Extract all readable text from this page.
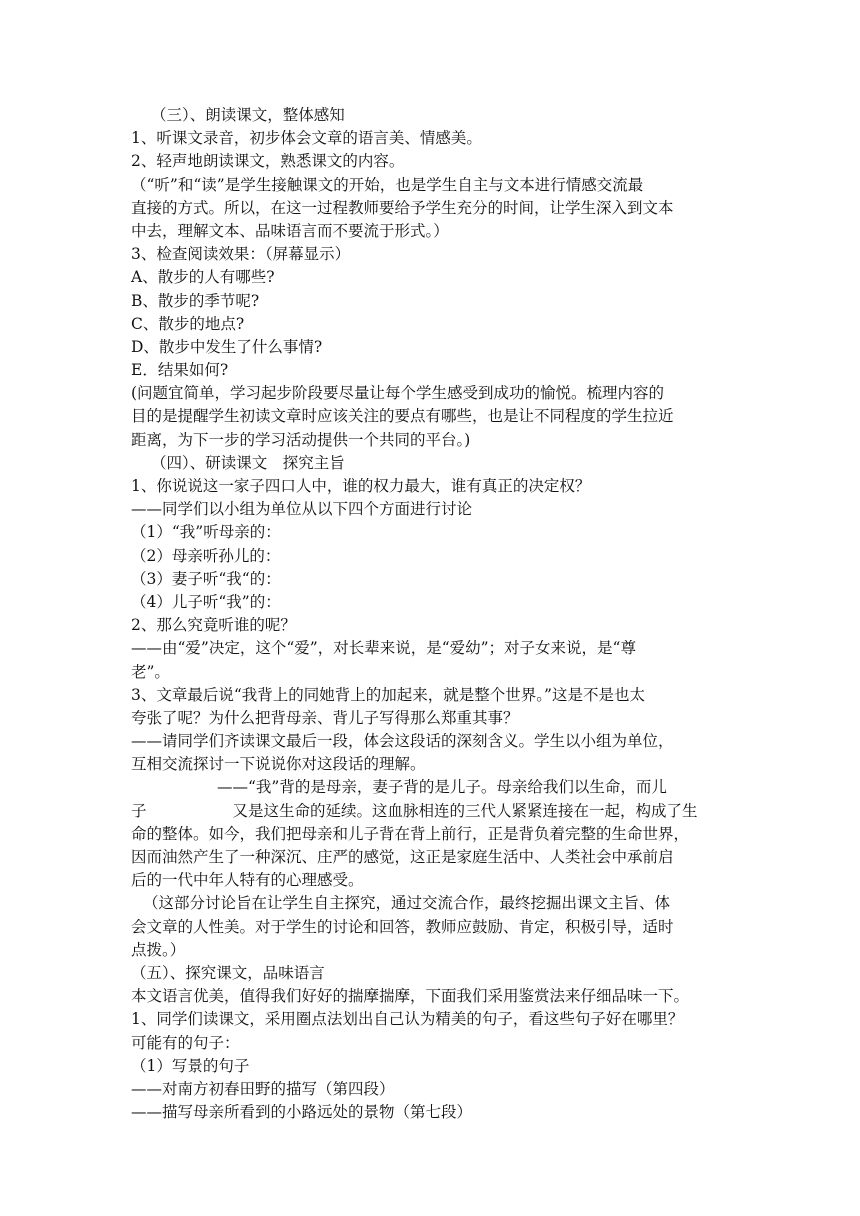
（三）、朗读课文，整体感知
1、听课文录音，初步体会文章的语言美、情感美。
2、轻声地朗读课文，熟悉课文的内容。
（“听”和“读”是学生接触课文的开始，也是学生自主与文本进行情感交流最
直接的方式。所以，在这一过程教师要给予学生充分的时间，让学生深入到文本
中去，理解文本、品味语言而不要流于形式。）
3、检查阅读效果：（屏幕显示）
A、散步的人有哪些?
B、散步的季节呢?
C、散步的地点?
D、散步中发生了什么事情?
E．结果如何?
(问题宜简单，学习起步阶段要尽量让每个学生感受到成功的愉悦。梳理内容的
目的是提醒学生初读文章时应该关注的要点有哪些，也是让不同程度的学生拉近
距离，为下一步的学习活动提供一个共同的平台。)
（四）、研读课文　探究主旨
1、你说说这一家子四口人中，谁的权力最大，谁有真正的决定权？
——同学们以小组为单位从以下四个方面进行讨论
（1）“我”听母亲的：
（2）母亲听孙儿的：
（3）妻子听“我“的：
（4）儿子听“我”的：
2、那么究竟听谁的呢？
——由“爱”决定，这个“爱”，对长辈来说，是“爱幼”；对子女来说，是“尊
老”。
3、文章最后说“我背上的同她背上的加起来，就是整个世界。”这是不是也太
夸张了呢？为什么把背母亲、背儿子写得那么郑重其事？
——请同学们齐读课文最后一段，体会这段话的深刻含义。学生以小组为单位，
互相交流探讨一下说说你对这段话的理解。
——“我”背的是母亲，妻子背的是儿子。母亲给我们以生命，而儿
子	又是这生命的延续。这血脉相连的三代人紧紧连接在一起，构成了生
命的整体。如今，我们把母亲和儿子背在背上前行，正是背负着完整的生命世界，
因而油然产生了一种深沉、庄严的感觉，这正是家庭生活中、人类社会中承前启
后的一代中年人特有的心理感受。
（这部分讨论旨在让学生自主探究，通过交流合作，最终挖掘出课文主旨、体
会文章的人性美。对于学生的讨论和回答，教师应鼓励、肯定，积极引导，适时
点拨。）
（五）、探究课文，品味语言
本文语言优美，值得我们好好的揣摩揣摩，下面我们采用鉴赏法来仔细品味一下。
1、同学们读课文，采用圈点法划出自己认为精美的句子，看这些句子好在哪里？
可能有的句子：
（1）写景的句子
——对南方初春田野的描写（第四段）
——描写母亲所看到的小路远处的景物（第七段）
